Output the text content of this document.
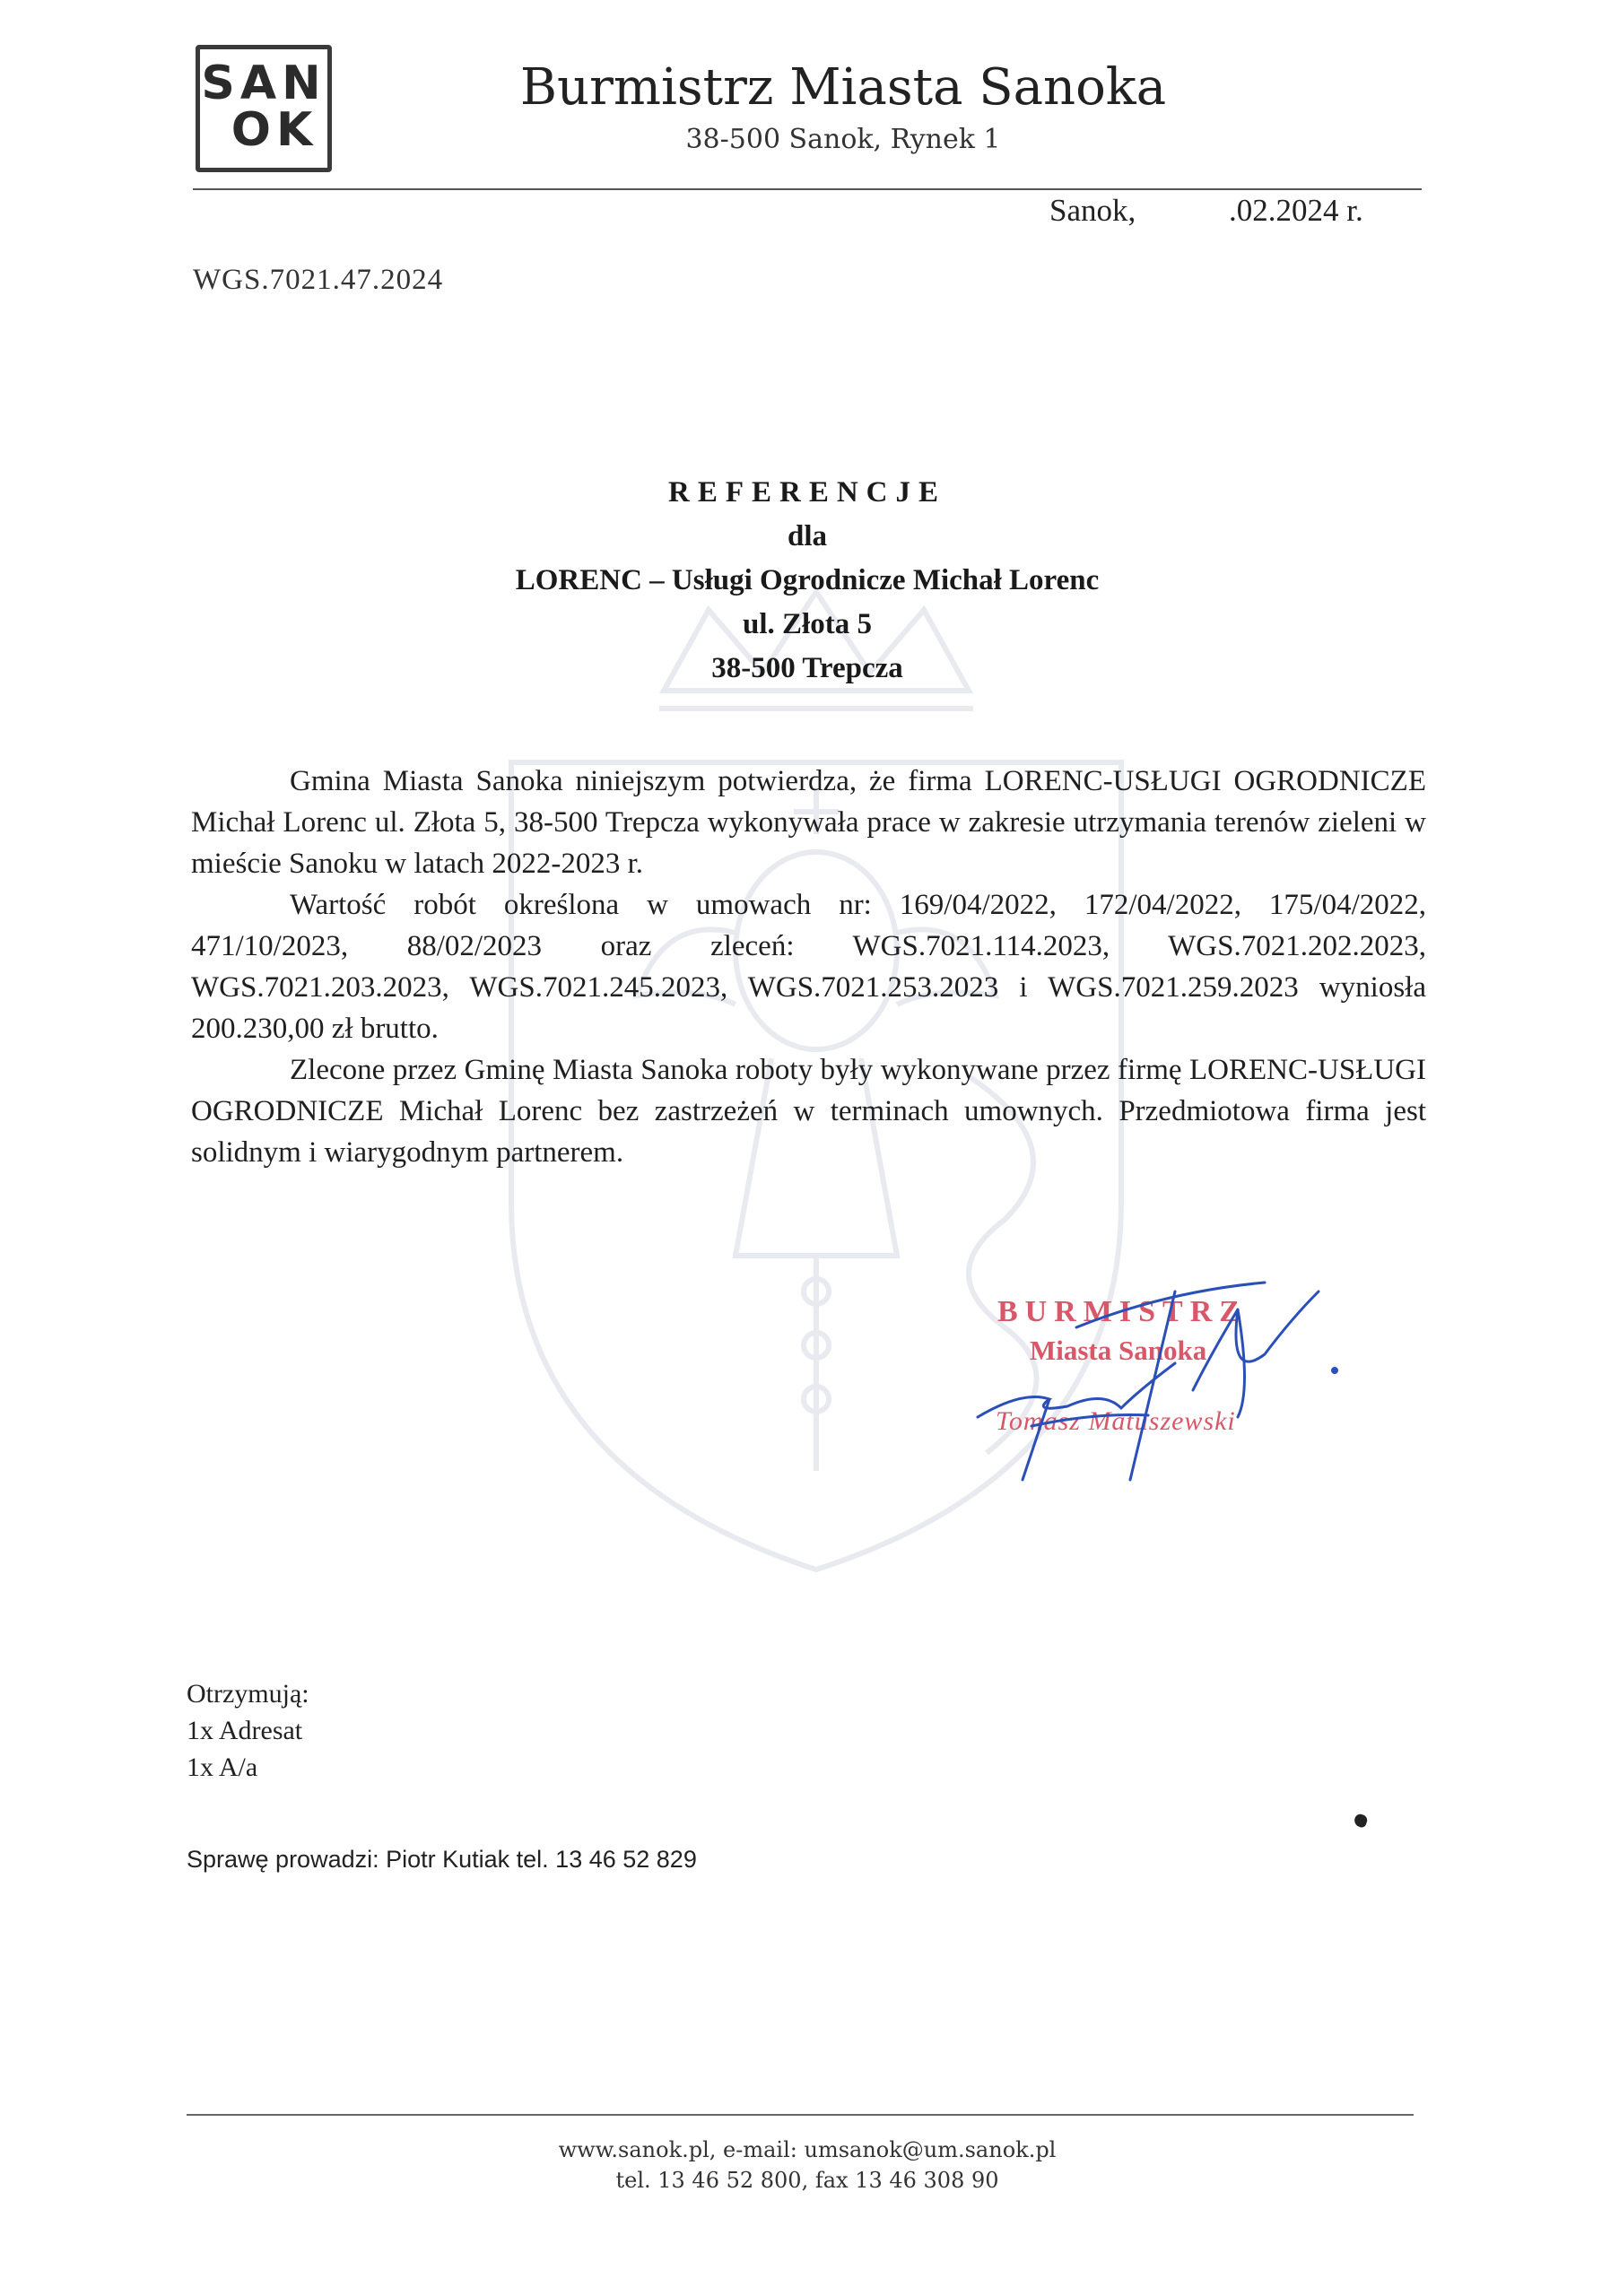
SAN
OK
Burmistrz Miasta Sanoka
38-500 Sanok, Rynek 1
Sanok,	.02.2024 r.
WGS.7021.47.2024
REFERENCJE
dla
LORENC – Usługi Ogrodnicze Michał Lorenc
ul. Złota 5
38-500 Trepcza

Gmina Miasta Sanoka niniejszym potwierdza, że firma LORENC-USŁUGI OGRODNICZE Michał Lorenc ul. Złota 5, 38-500 Trepcza wykonywała prace w zakresie utrzymania terenów zieleni w mieście Sanoku w latach 2022-2023 r.

Wartość robót określona w umowach nr: 169/04/2022, 172/04/2022, 175/04/2022, 471/10/2023, 88/02/2023 oraz zleceń: WGS.7021.114.2023, WGS.7021.202.2023, WGS.7021.203.2023, WGS.7021.245.2023, WGS.7021.253.2023 i WGS.7021.259.2023 wyniosła 200.230,00 zł brutto.

Zlecone przez Gminę Miasta Sanoka roboty były wykonywane przez firmę LORENC-USŁUGI OGRODNICZE Michał Lorenc bez zastrzeżeń w terminach umownych. Przedmiotowa firma jest solidnym i wiarygodnym partnerem.

BURMISTRZ
Miasta Sanoka
Tomasz Matuszewski
Otrzymują:
1x Adresat
1x A/a
Sprawę prowadzi: Piotr Kutiak tel. 13 46 52 829
www.sanok.pl, e-mail: umsanok@um.sanok.pl
tel. 13 46 52 800, fax 13 46 308 90
